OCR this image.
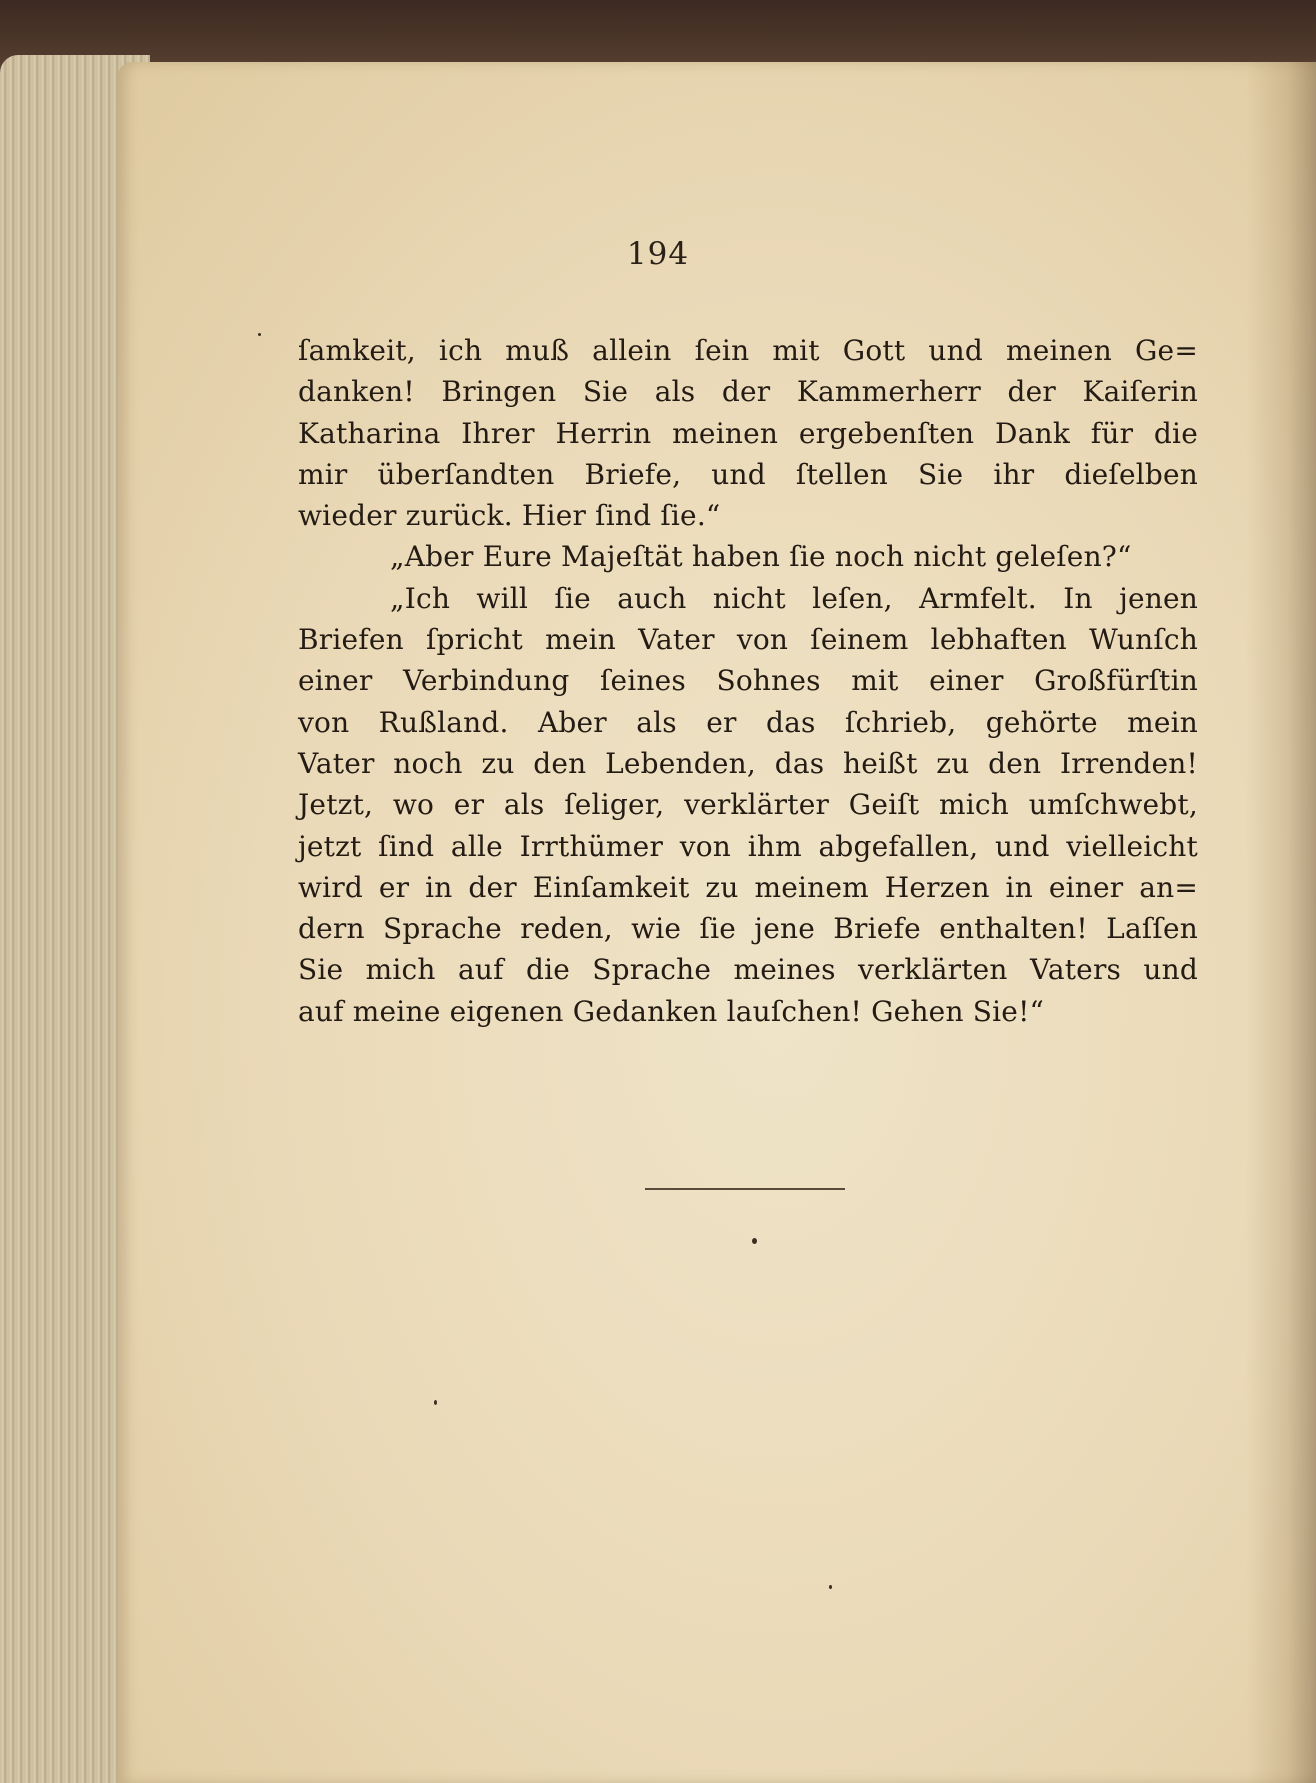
194
ſamkeit, ich muß allein ſein mit Gott und meinen Ge=
danken! Bringen Sie als der Kammerherr der Kaiſerin
Katharina Ihrer Herrin meinen ergebenſten Dank für die
mir überſandten Briefe, und ſtellen Sie ihr dieſelben
wieder zurück. Hier ſind ſie.“
„Aber Eure Majeſtät haben ſie noch nicht geleſen?“
„Ich will ſie auch nicht leſen, Armfelt. In jenen
Briefen ſpricht mein Vater von ſeinem lebhaften Wunſch
einer Verbindung ſeines Sohnes mit einer Großfürſtin
von Rußland. Aber als er das ſchrieb, gehörte mein
Vater noch zu den Lebenden, das heißt zu den Irrenden!
Jetzt, wo er als ſeliger, verklärter Geiſt mich umſchwebt,
jetzt ſind alle Irrthümer von ihm abgefallen, und vielleicht
wird er in der Einſamkeit zu meinem Herzen in einer an=
dern Sprache reden, wie ſie jene Briefe enthalten! Laſſen
Sie mich auf die Sprache meines verklärten Vaters und
auf meine eigenen Gedanken lauſchen! Gehen Sie!“
